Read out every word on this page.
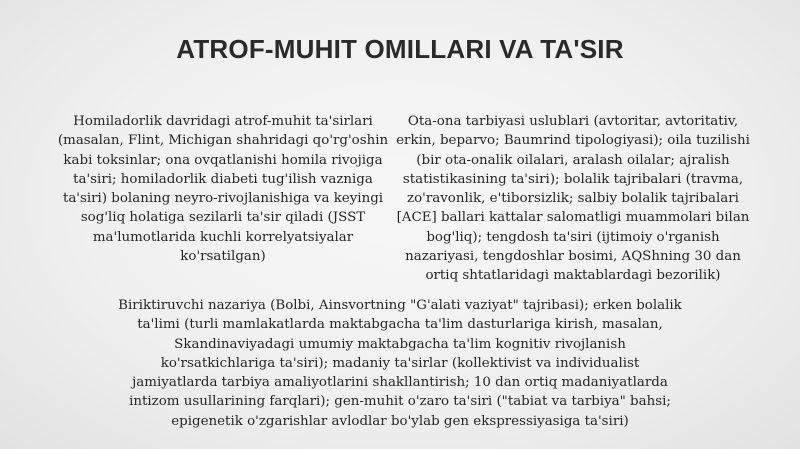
ATROF-MUHIT OMILLARI VA TA'SIR

Homiladorlik davridagi atrof-muhit ta'sirlari (masalan, Flint, Michigan shahridagi qo'rg'oshin kabi toksinlar; ona ovqatlanishi homila rivojiga ta'siri; homiladorlik diabeti tug'ilish vazniga ta'siri) bolaning neyro-rivojlanishiga va keyingi sog'liq holatiga sezilarli ta'sir qiladi (JSST ma'lumotlarida kuchli korrelyatsiyalar ko'rsatilgan)

Ota-ona tarbiyasi uslublari (avtoritar, avtoritativ, erkin, beparvo; Baumrind tipologiyasi); oila tuzilishi (bir ota-onalik oilalari, aralash oilalar; ajralish statistikasining ta'siri); bolalik tajribalari (travma, zo'ravonlik, e'tiborsizlik; salbiy bolalik tajribalari [ACE] ballari kattalar salomatligi muammolari bilan bog'liq); tengdosh ta'siri (ijtimoiy o'rganish nazariyasi, tengdoshlar bosimi, AQShning 30 dan ortiq shtatlaridagi maktablardagi bezorilik)

Biriktiruvchi nazariya (Bolbi, Ainsvortning "G'alati vaziyat" tajribasi); erken bolalik ta'limi (turli mamlakatlarda maktabgacha ta'lim dasturlariga kirish, masalan, Skandinaviyadagi umumiy maktabgacha ta'lim kognitiv rivojlanish ko'rsatkichlariga ta'siri); madaniy ta'sirlar (kollektivist va individualist jamiyatlarda tarbiya amaliyotlarini shakllantirish; 10 dan ortiq madaniyatlarda intizom usullarining farqlari); gen-muhit o'zaro ta'siri ("tabiat va tarbiya" bahsi; epigenetik o'zgarishlar avlodlar bo'ylab gen ekspressiyasiga ta'siri)
